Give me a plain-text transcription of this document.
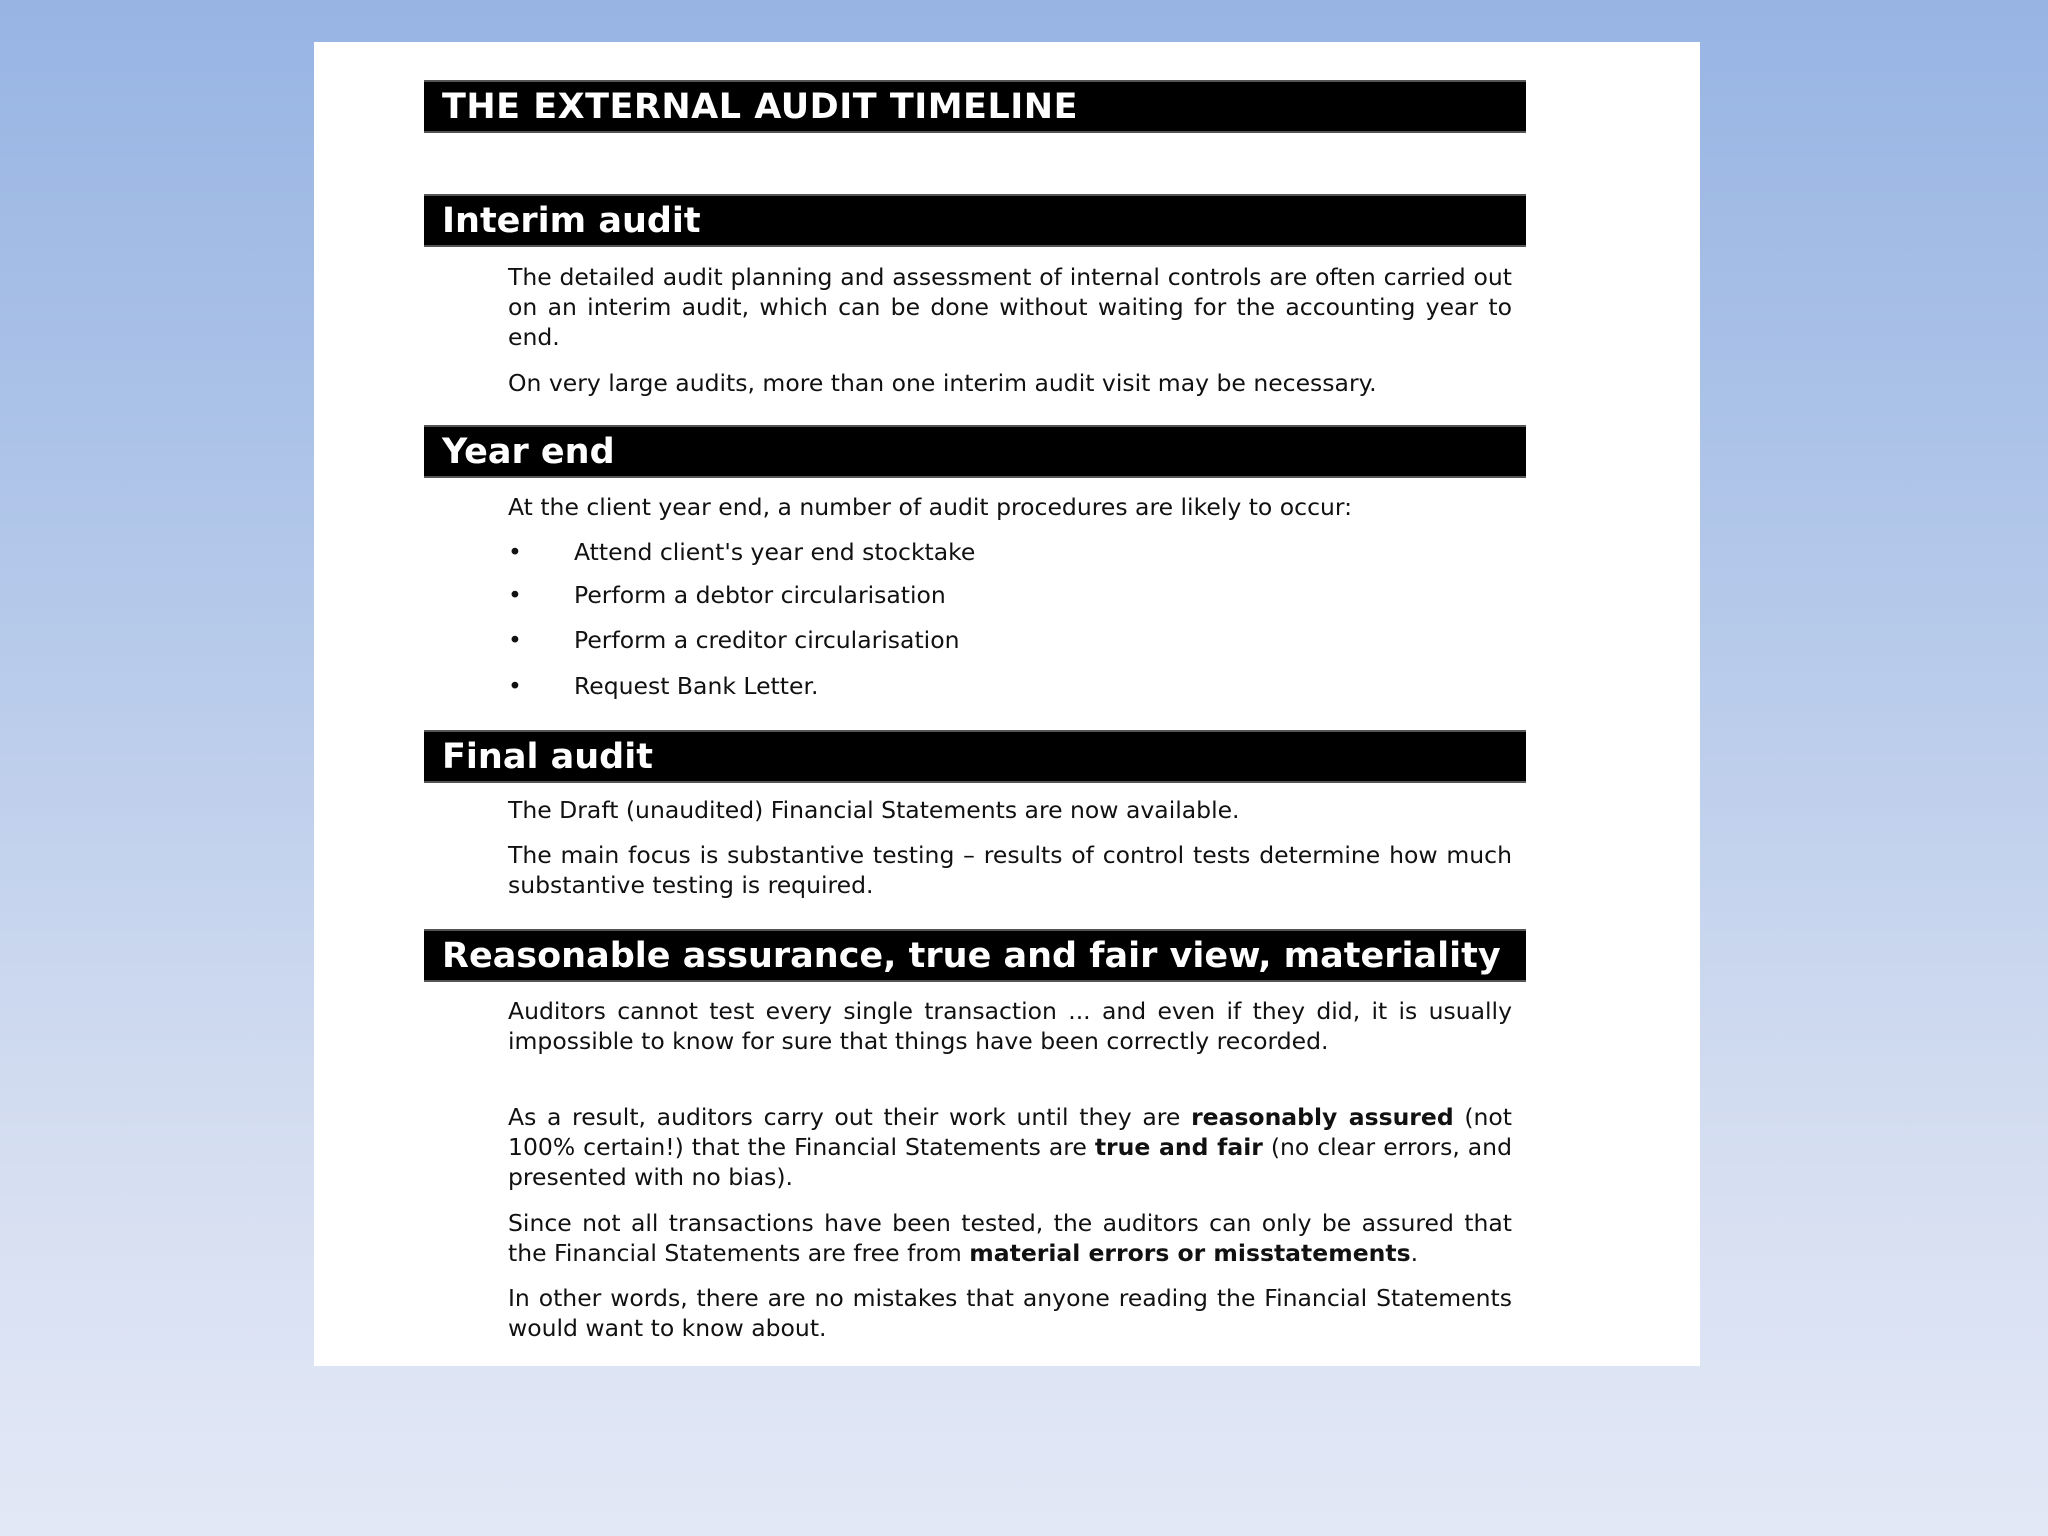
THE EXTERNAL AUDIT TIMELINE
Interim audit

The detailed audit planning and assessment of internal controls are often carried out on an interim audit, which can be done without waiting for the accounting year to end.

On very large audits, more than one interim audit visit may be necessary.

Year end

At the client year end, a number of audit procedures are likely to occur:

• Attend client's year end stocktake
• Perform a debtor circularisation
• Perform a creditor circularisation
• Request Bank Letter.
Final audit

The Draft (unaudited) Financial Statements are now available.

The main focus is substantive testing – results of control tests determine how much substantive testing is required.

Reasonable assurance, true and fair view, materiality

Auditors cannot test every single transaction ... and even if they did, it is usually impossible to know for sure that things have been correctly recorded.

As a result, auditors carry out their work until they are reasonably assured (not 100% certain!) that the Financial Statements are true and fair (no clear errors, and presented with no bias).

Since not all transactions have been tested, the auditors can only be assured that the Financial Statements are free from material errors or misstatements.

In other words, there are no mistakes that anyone reading the Financial Statements would want to know about.
